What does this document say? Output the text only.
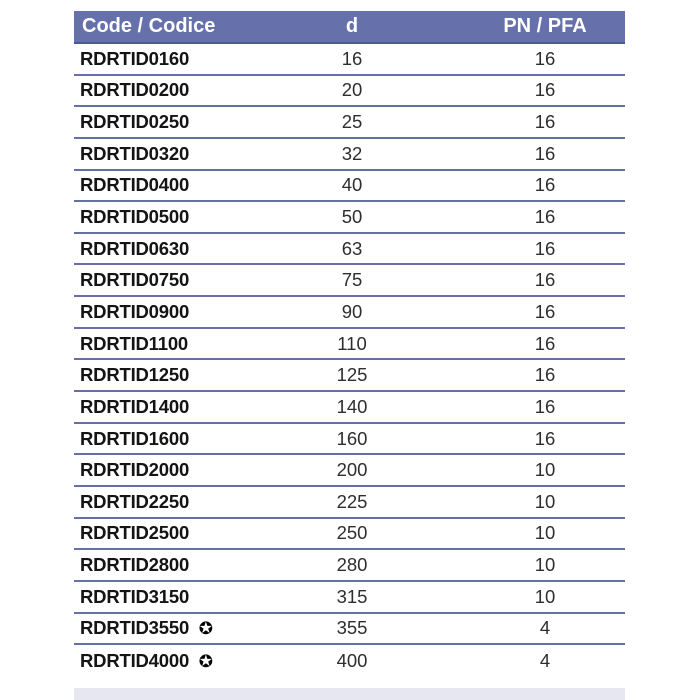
Code / Codice	d	PN / PFA
RDRTID0160	16	16
RDRTID0200	20	16
RDRTID0250	25	16
RDRTID0320	32	16
RDRTID0400	40	16
RDRTID0500	50	16
RDRTID0630	63	16
RDRTID0750	75	16
RDRTID0900	90	16
RDRTID1100	110	16
RDRTID1250	125	16
RDRTID1400	140	16
RDRTID1600	160	16
RDRTID2000	200	10
RDRTID2250	225	10
RDRTID2500	250	10
RDRTID2800	280	10
RDRTID3150	315	10
RDRTID3550 ✪	355	4
RDRTID4000 ✪	400	4
